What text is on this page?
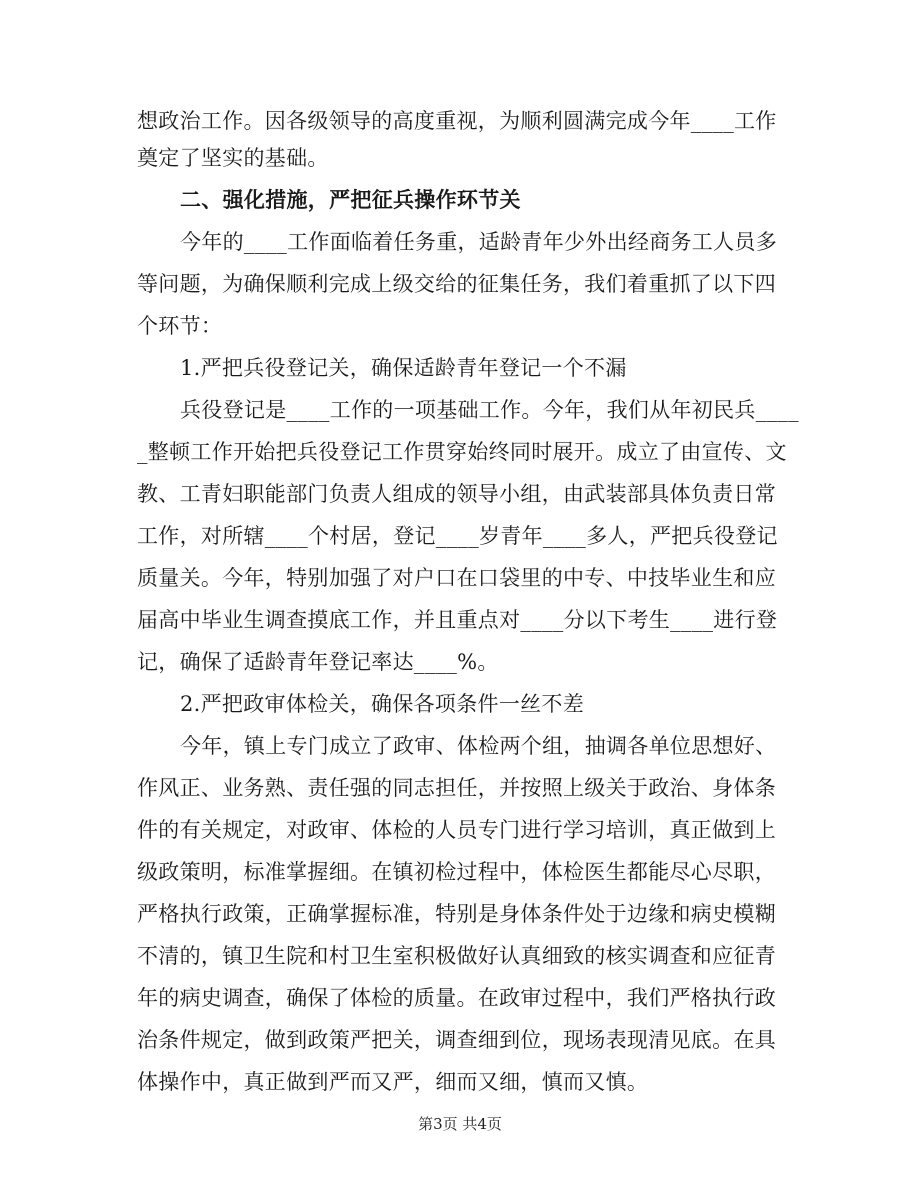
想政治工作。因各级领导的高度重视，为顺利圆满完成今年____工作
奠定了坚实的基础。
二、强化措施，严把征兵操作环节关
今年的____工作面临着任务重，适龄青年少外出经商务工人员多
等问题，为确保顺利完成上级交给的征集任务，我们着重抓了以下四
个环节：
1.严把兵役登记关，确保适龄青年登记一个不漏
兵役登记是____工作的一项基础工作。今年，我们从年初民兵____
_整顿工作开始把兵役登记工作贯穿始终同时展开。成立了由宣传、文
教、工青妇职能部门负责人组成的领导小组，由武装部具体负责日常
工作，对所辖____个村居，登记____岁青年____多人，严把兵役登记
质量关。今年，特别加强了对户口在口袋里的中专、中技毕业生和应
届高中毕业生调查摸底工作，并且重点对____分以下考生____进行登
记，确保了适龄青年登记率达____%。
2.严把政审体检关，确保各项条件一丝不差
今年，镇上专门成立了政审、体检两个组，抽调各单位思想好、
作风正、业务熟、责任强的同志担任，并按照上级关于政治、身体条
件的有关规定，对政审、体检的人员专门进行学习培训，真正做到上
级政策明，标准掌握细。在镇初检过程中，体检医生都能尽心尽职，
严格执行政策，正确掌握标准，特别是身体条件处于边缘和病史模糊
不清的，镇卫生院和村卫生室积极做好认真细致的核实调查和应征青
年的病史调查，确保了体检的质量。在政审过程中，我们严格执行政
治条件规定，做到政策严把关，调查细到位，现场表现清见底。在具
体操作中，真正做到严而又严，细而又细，慎而又慎。
第3页 共4页
